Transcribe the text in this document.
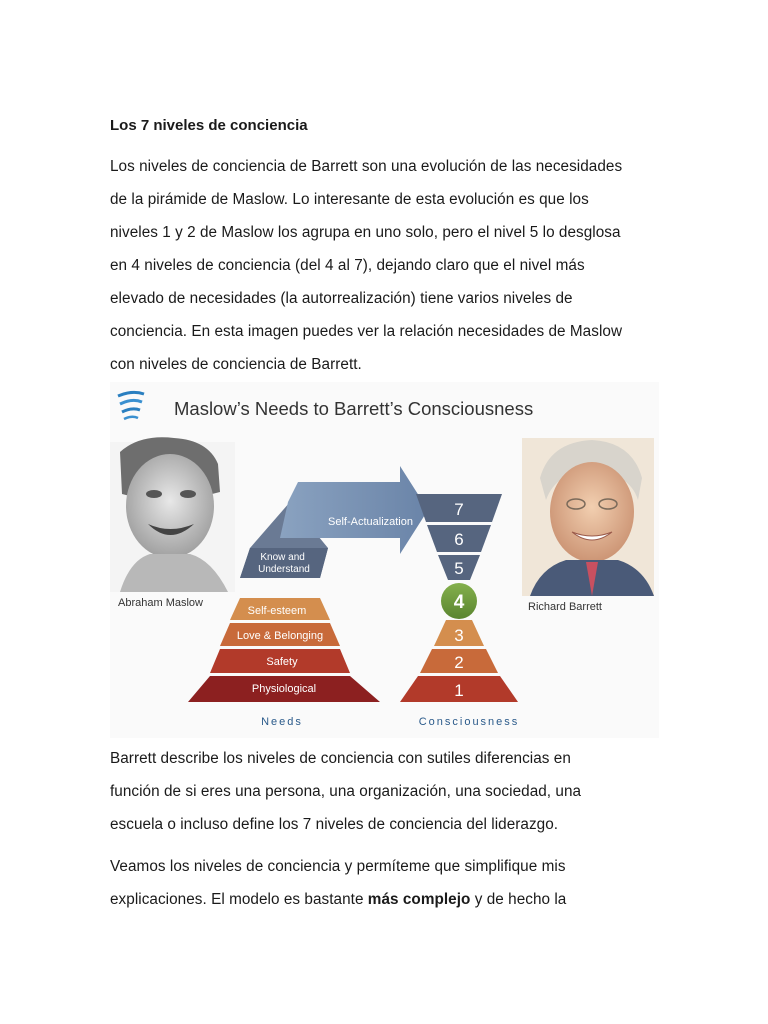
Los 7 niveles de conciencia
Los niveles de conciencia de Barrett son una evolución de las necesidades
de la pirámide de Maslow. Lo interesante de esta evolución es que los
niveles 1 y 2 de Maslow los agrupa en uno solo, pero el nivel 5 lo desglosa
en 4 niveles de conciencia (del 4 al 7), dejando claro que el nivel más
elevado de necesidades (la autorrealización) tiene varios niveles de
conciencia. En esta imagen puedes ver la relación necesidades de Maslow
con niveles de conciencia de Barrett.
Maslow’s Needs to Barrett’s Consciousness
Abraham Maslow	Richard Barrett
Know and Understand
Self-Actualization
Self-esteem
Love & Belonging
Safety
Physiological
7
6
5
4
3
2
1
Needs	Consciousness
Barrett describe los niveles de conciencia con sutiles diferencias en
función de si eres una persona, una organización, una sociedad, una
escuela o incluso define los 7 niveles de conciencia del liderazgo.
Veamos los niveles de conciencia y permíteme que simplifique mis
explicaciones. El modelo es bastante más complejo y de hecho la
